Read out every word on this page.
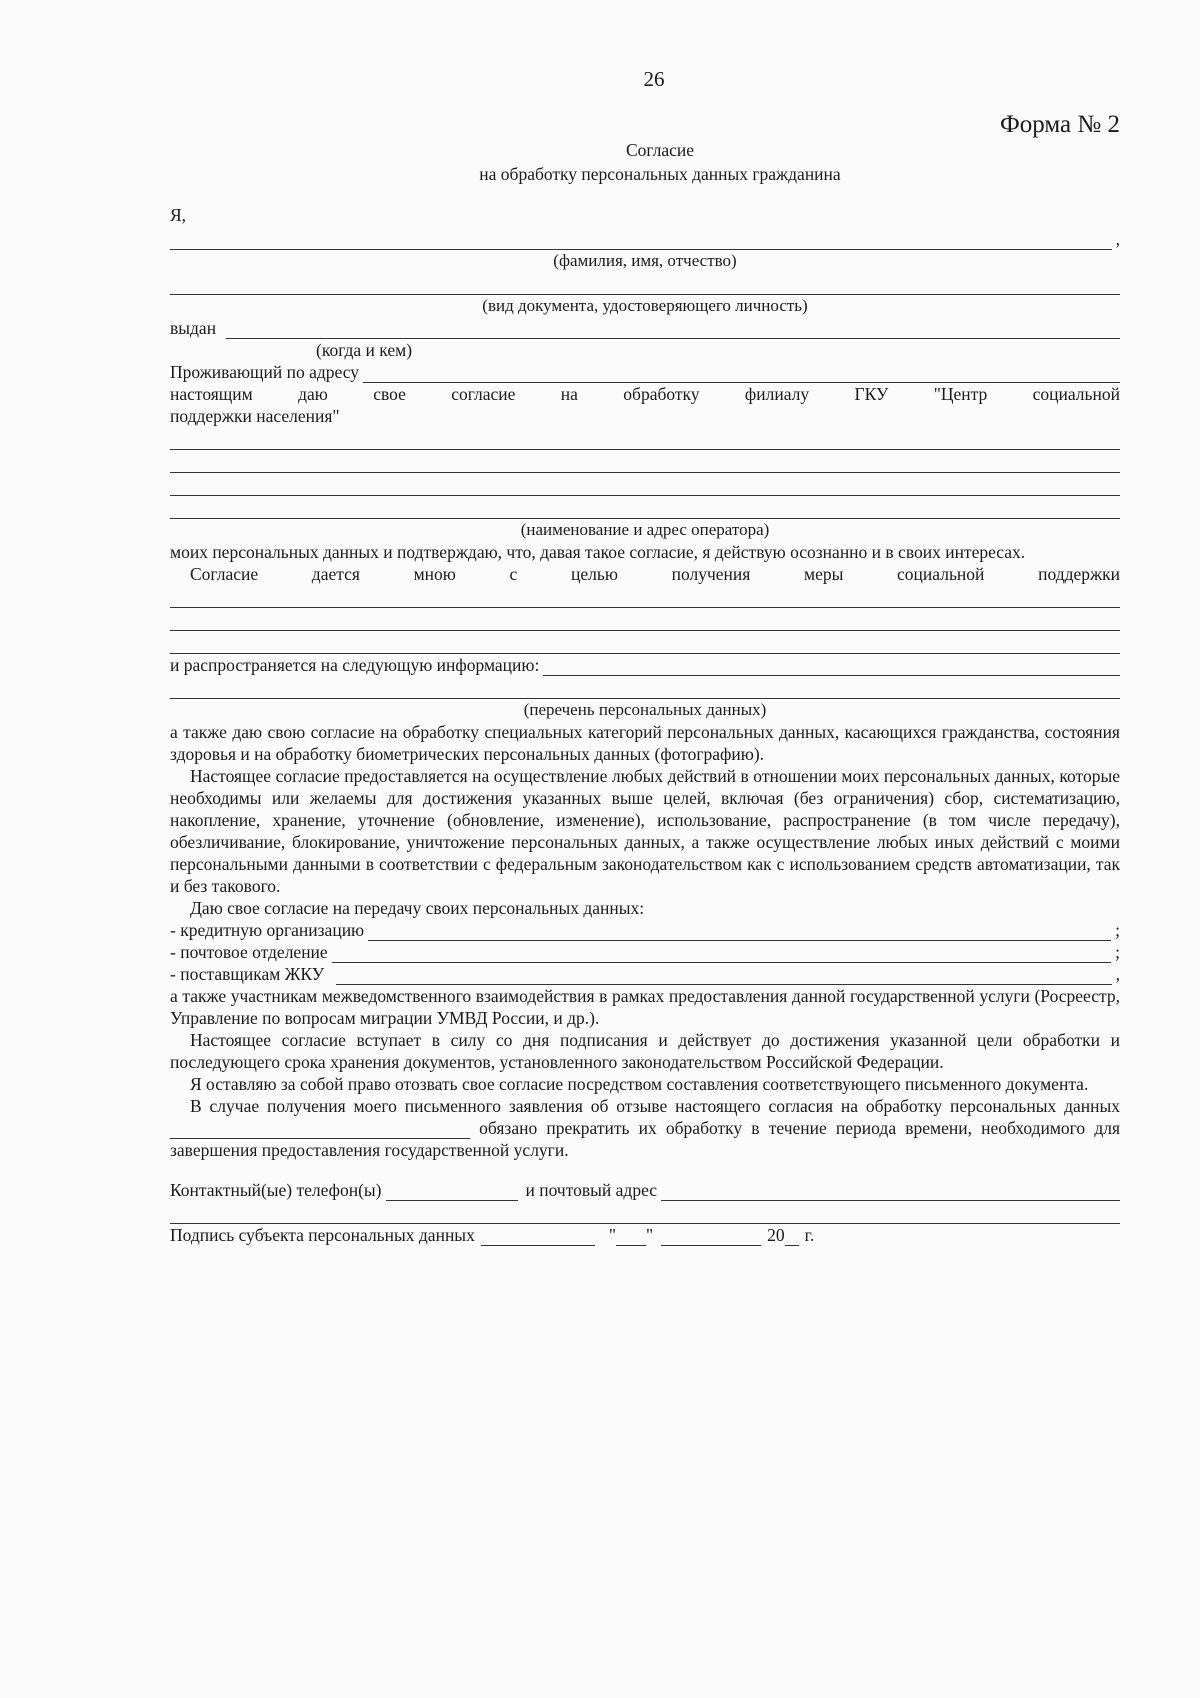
26
Форма № 2
Согласие
на обработку персональных данных гражданина
Я,
,
(фамилия, имя, отчество)
(вид документа, удостоверяющего личность)
выдан
(когда и кем)
Проживающий по адресу

настоящим даю свое согласие на обработку филиалу ГКУ "Центр социальной

поддержки населения"

(наименование и адрес оператора)

моих персональных данных и подтверждаю, что, давая такое согласие, я действую осознанно и в своих интересах.

Согласие дается мною с целью получения меры социальной поддержки

и распространяется на следующую информацию:
(перечень персональных данных)

а также даю свою согласие на обработку специальных категорий персональных данных, касающихся гражданства, состояния здоровья и на обработку биометрических персональных данных (фотографию).

Настоящее согласие предоставляется на осуществление любых действий в отношении моих персональных данных, которые необходимы или желаемы для достижения указанных выше целей, включая (без ограничения) сбор, систематизацию, накопление, хранение, уточнение (обновление, изменение), использование, распространение (в том числе передачу), обезличивание, блокирование, уничтожение персональных данных, а также осуществление любых иных действий с моими персональными данными в соответствии с федеральным законодательством как с использованием средств автоматизации, так и без такового.

Даю свое согласие на передачу своих персональных данных:

- кредитную организацию	;
- почтовое отделение	;
- поставщикам ЖКУ	,

а также участникам межведомственного взаимодействия в рамках предоставления данной государственной услуги (Росреестр, Управление по вопросам миграции УМВД России, и др.).

Настоящее согласие вступает в силу со дня подписания и действует до достижения указанной цели обработки и последующего срока хранения документов, установленного законодательством Российской Федерации.

Я оставляю за собой право отозвать свое согласие посредством составления соответствующего письменного документа.

В случае получения моего письменного заявления об отзыве настоящего согласия на обработку персональных данных  обязано прекратить их обработку в течение периода времени, необходимого для завершения предоставления государственной услуги.

Контактный(ые) телефон(ы)	и почтовый адрес
Подпись субъекта персональных данных	" "	20 г.
